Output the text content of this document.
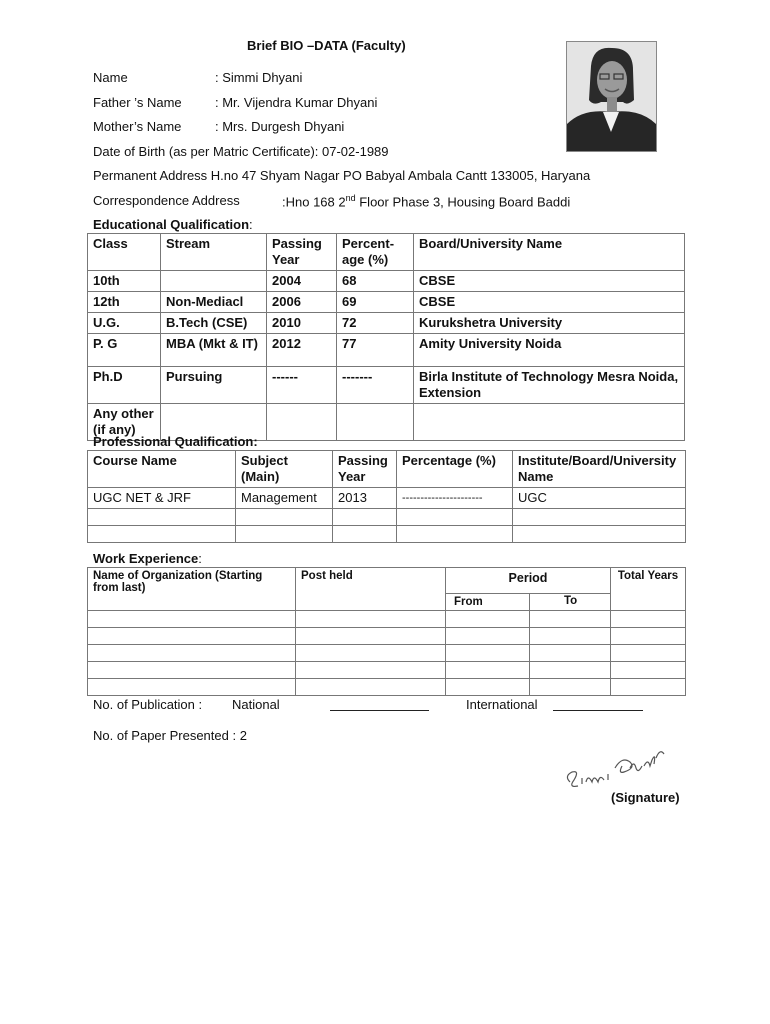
Brief BIO –DATA (Faculty)
Name	: Simmi Dhyani
Father ’s Name	: Mr. Vijendra Kumar Dhyani
Mother’s Name	: Mrs. Durgesh Dhyani
Date of Birth (as per Matric Certificate): 07-02-1989
Permanent Address H.no 47 Shyam Nagar PO Babyal Ambala Cantt 133005, Haryana
Correspondence Address	:Hno 168 2nd Floor Phase 3, Housing Board Baddi
Educational Qualification:
Class	Stream	Passing Year	Percent-age (%)	Board/University Name
10th		2004	68	CBSE
12th	Non-Mediacl	2006	69	CBSE
U.G.	B.Tech (CSE)	2010	72	Kurukshetra University
P. G	MBA (Mkt & IT)	2012	77	Amity University Noida
Ph.D	Pursuing	------	-------	Birla Institute of Technology Mesra Noida, Extension
Any other (if any)				
Professional Qualification:
Course Name	Subject (Main)	Passing Year	Percentage (%)	Institute/Board/University Name
UGC NET & JRF	Management	2013	----------------------	UGC

Work Experience:
Name of Organization (Starting from last)	Post held	Period		Total Years
		From	To	

No. of Publication : National	International
No. of Paper Presented : 2
(Signature)
